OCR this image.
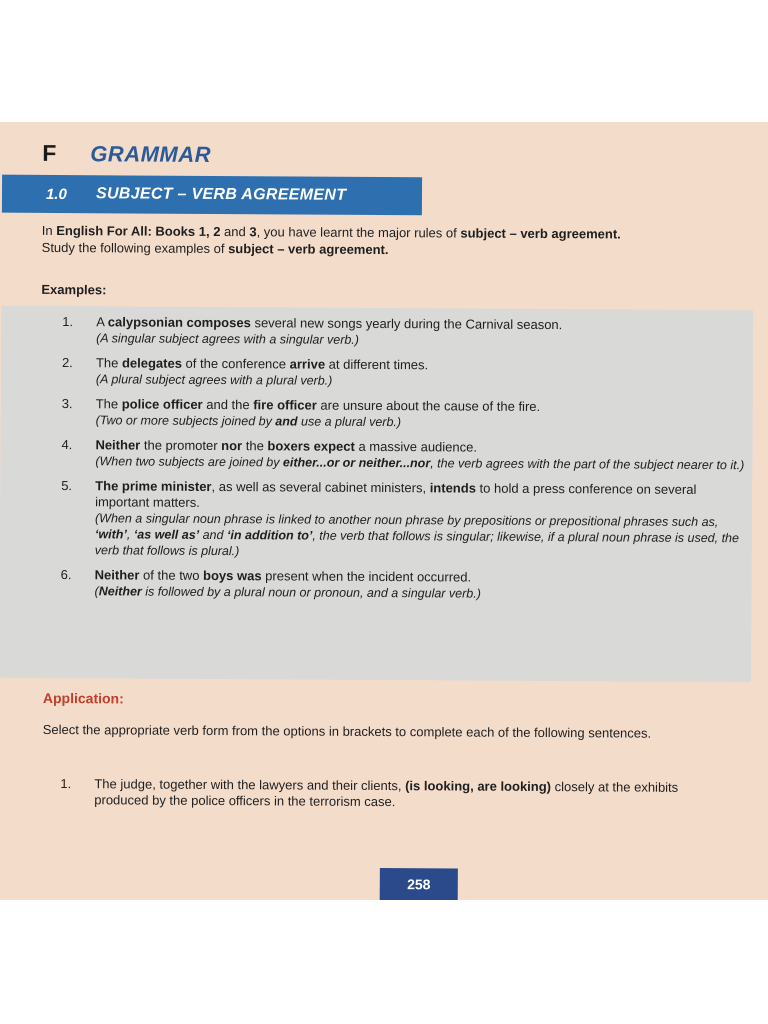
F	GRAMMAR
1.0	SUBJECT – VERB AGREEMENT
In English For All: Books 1, 2 and 3, you have learnt the major rules of subject – verb agreement.
Study the following examples of subject – verb agreement.
Examples:
1.	A calypsonian composes several new songs yearly during the Carnival season.
(A singular subject agrees with a singular verb.)
2.	The delegates of the conference arrive at different times.
(A plural subject agrees with a plural verb.)
3.	The police officer and the fire officer are unsure about the cause of the fire.
(Two or more subjects joined by and use a plural verb.)
4.	Neither the promoter nor the boxers expect a massive audience.
(When two subjects are joined by either...or or neither...nor, the verb agrees with the part of the subject nearer to it.)
5.	The prime minister, as well as several cabinet ministers, intends to hold a press conference on several important matters.
(When a singular noun phrase is linked to another noun phrase by prepositions or prepositional phrases such as, ‘with’, ‘as well as’ and ‘in addition to’, the verb that follows is singular; likewise, if a plural noun phrase is used, the verb that follows is plural.)
6.	Neither of the two boys was present when the incident occurred.
(Neither is followed by a plural noun or pronoun, and a singular verb.)
Application:
Select the appropriate verb form from the options in brackets to complete each of the following sentences.
1.	The judge, together with the lawyers and their clients, (is looking, are looking) closely at the exhibits produced by the police officers in the terrorism case.
258
